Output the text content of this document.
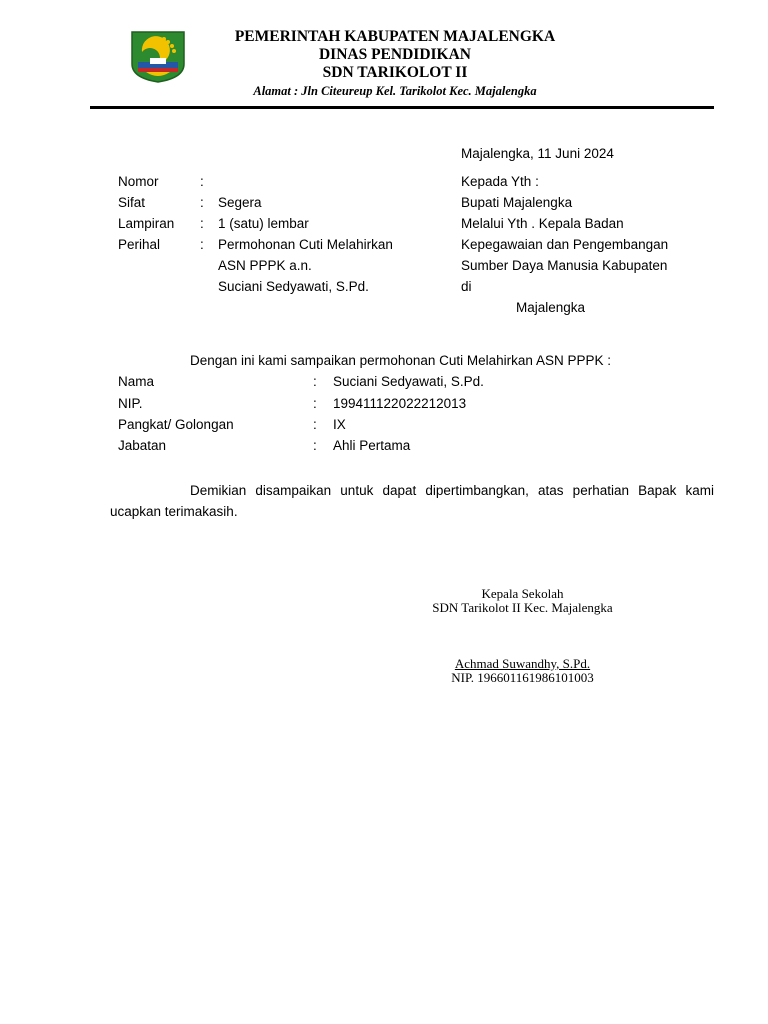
PEMERINTAH KABUPATEN MAJALENGKA
DINAS PENDIDIKAN
SDN TARIKOLOT II
Alamat : Jln Citeureup Kel. Tarikolot Kec. Majalengka
Majalengka, 11 Juni 2024
Nomor	:
Sifat	: Segera
Lampiran : 1 (satu) lembar
Perihal	: Permohonan Cuti Melahirkan
ASN PPPK a.n.
Suciani Sedyawati, S.Pd.
Kepada Yth :
Bupati Majalengka
Melalui Yth . Kepala Badan
Kepegawaian dan Pengembangan
Sumber Daya Manusia Kabupaten
di
Majalengka
Dengan ini kami sampaikan permohonan Cuti Melahirkan ASN PPPK :
Nama	: Suciani Sedyawati, S.Pd.
NIP.	: 199411122022212013
Pangkat/ Golongan	: IX
Jabatan	: Ahli Pertama
Demikian disampaikan untuk dapat dipertimbangkan, atas perhatian Bapak kami ucapkan terimakasih.
Kepala Sekolah
SDN Tarikolot II Kec. Majalengka
Achmad Suwandhy, S.Pd.
NIP. 196601161986101003
